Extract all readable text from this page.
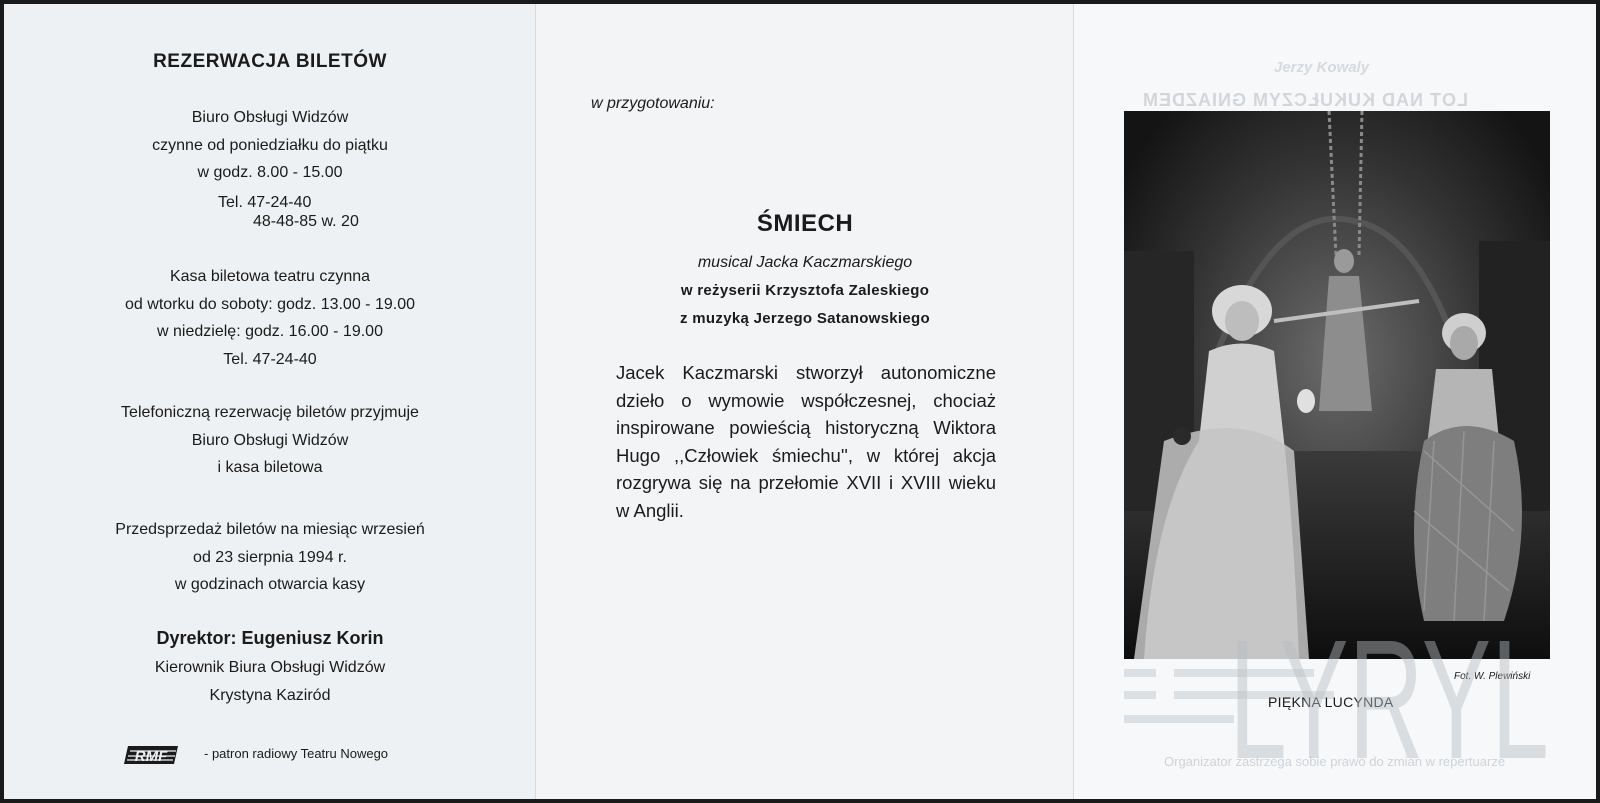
REZERWACJA BILETÓW
Biuro Obsługi Widzów
czynne od poniedziałku do piątku
w godz. 8.00 - 15.00
Tel. 47-24-40
48-48-85 w. 20
Kasa biletowa teatru czynna
od wtorku do soboty: godz. 13.00 - 19.00
w niedzielę: godz. 16.00 - 19.00
Tel. 47-24-40
Telefoniczną rezerwację biletów przyjmuje
Biuro Obsługi Widzów
i kasa biletowa
Przedsprzedaż biletów na miesiąc wrzesień
od 23 sierpnia 1994 r.
w godzinach otwarcia kasy
Dyrektor: Eugeniusz Korin
Kierownik Biura Obsługi Widzów
Krystyna Kaziród
RMF	- patron radiowy Teatru Nowego
w przygotowaniu:
ŚMIECH
musical Jacka Kaczmarskiego
w reżyserii Krzysztofa Zaleskiego
z muzyką Jerzego Satanowskiego
Jacek Kaczmarski stworzył autonomiczne dzieło o wymowie współczesnej, chociaż inspirowane powieścią historyczną Wiktora Hugo ,,Człowiek śmiechu'', w której akcja rozgrywa się na przełomie XVII i XVIII wieku w Anglii.
Jerzy Kowaly
LOT NAD KUKUŁCZYM GNIAZDEM
Fot. W. Plewiński
PIĘKNA LUCYNDA
Organizator zastrzega sobie prawo do zmian w repertuarze
LYRYL
